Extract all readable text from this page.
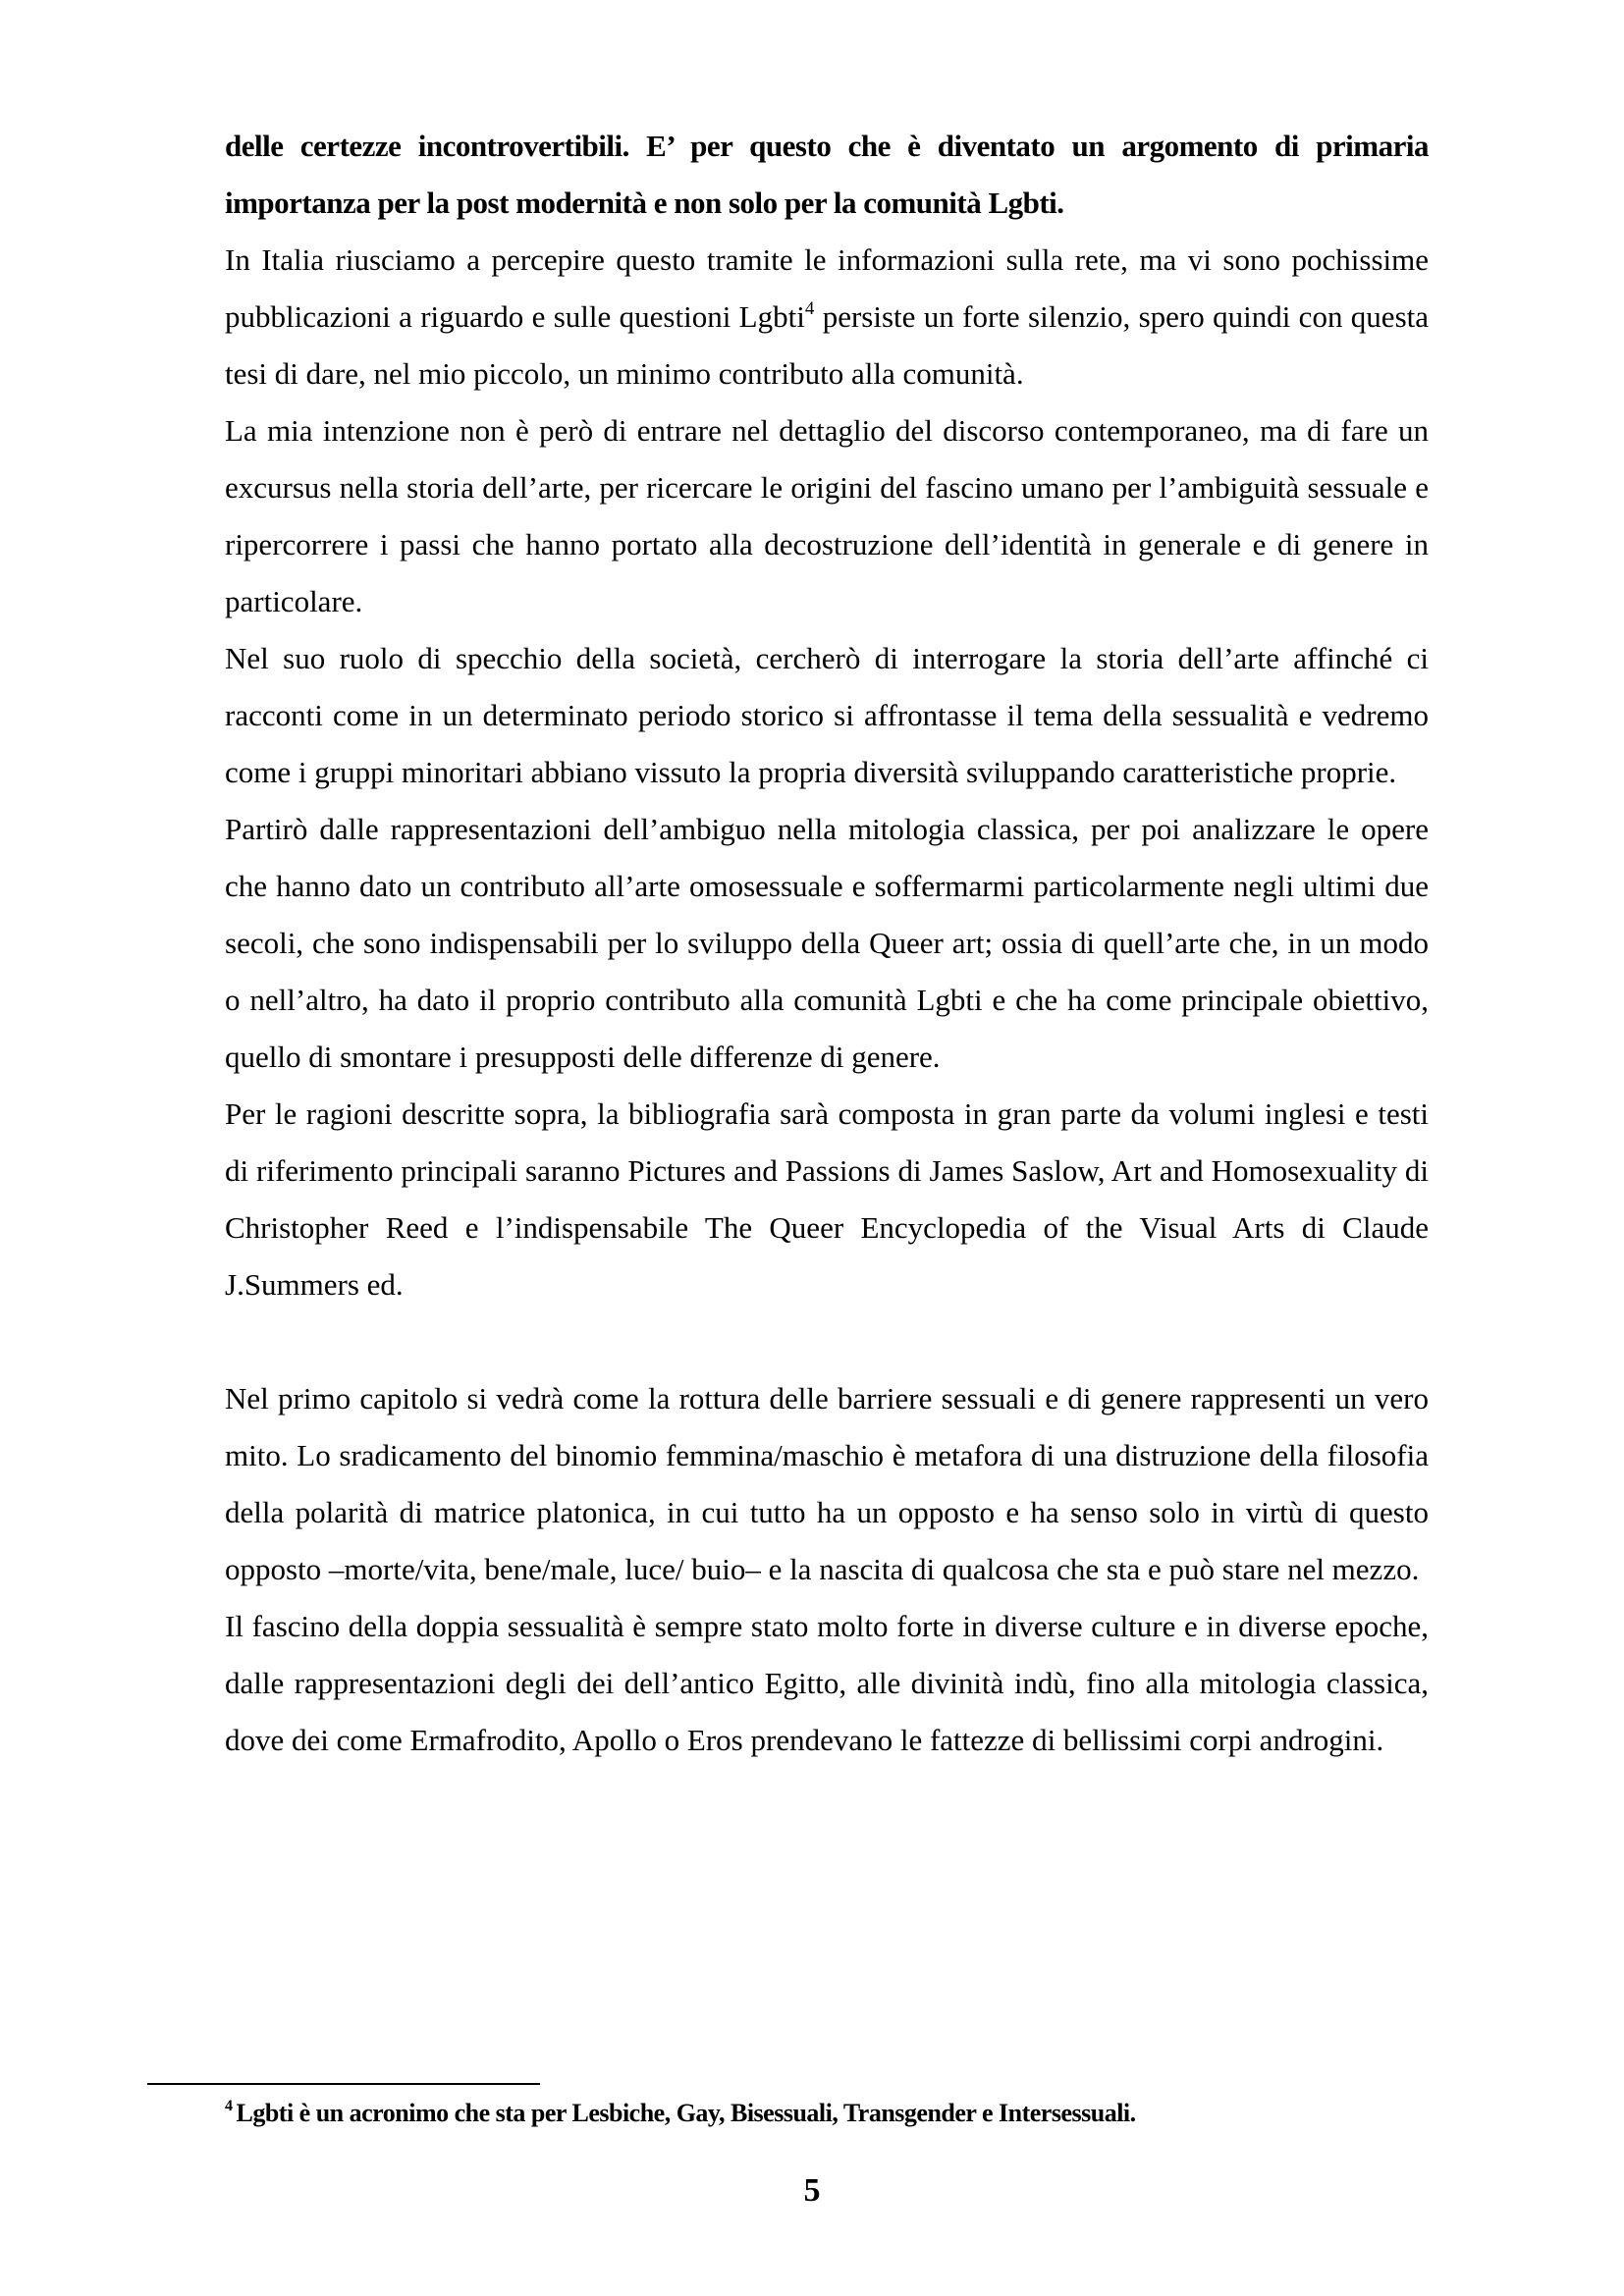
delle certezze incontrovertibili. E’ per questo che è diventato un argomento di primaria importanza per la post modernità e non solo per la comunità Lgbti.

In Italia riusciamo a percepire questo tramite le informazioni sulla rete, ma vi sono pochissime pubblicazioni a riguardo e sulle questioni Lgbti$^4$ persiste un forte silenzio, spero quindi con questa tesi di dare, nel mio piccolo, un minimo contributo alla comunità.

La mia intenzione non è però di entrare nel dettaglio del discorso contemporaneo, ma di fare un excursus nella storia dell’arte, per ricercare le origini del fascino umano per l’ambiguità sessuale e ripercorrere i passi che hanno portato alla decostruzione dell’identità in generale e di genere in particolare.

Nel suo ruolo di specchio della società, cercherò di interrogare la storia dell’arte affinché ci racconti come in un determinato periodo storico si affrontasse il tema della sessualità e vedremo come i gruppi minoritari abbiano vissuto la propria diversità sviluppando caratteristiche proprie.

Partirò dalle rappresentazioni dell’ambiguo nella mitologia classica, per poi analizzare le opere che hanno dato un contributo all’arte omosessuale e soffermarmi particolarmente negli ultimi due secoli, che sono indispensabili per lo sviluppo della Queer art; ossia di quell’arte che, in un modo o nell’altro, ha dato il proprio contributo alla comunità Lgbti e che ha come principale obiettivo, quello di smontare i presupposti delle differenze di genere.

Per le ragioni descritte sopra, la bibliografia sarà composta in gran parte da volumi inglesi e testi di riferimento principali saranno Pictures and Passions di James Saslow, Art and Homosexuality di Christopher Reed e l’indispensabile The Queer Encyclopedia of the Visual Arts di Claude J.Summers ed.

Nel primo capitolo si vedrà come la rottura delle barriere sessuali e di genere rappresenti un vero mito. Lo sradicamento del binomio femmina/maschio è metafora di una distruzione della filosofia della polarità di matrice platonica, in cui tutto ha un opposto e ha senso solo in virtù di questo opposto –morte/vita, bene/male, luce/ buio– e la nascita di qualcosa che sta e può stare nel mezzo.

Il fascino della doppia sessualità è sempre stato molto forte in diverse culture e in diverse epoche, dalle rappresentazioni degli dei dell’antico Egitto, alle divinità indù, fino alla mitologia classica, dove dei come Ermafrodito, Apollo o Eros prendevano le fattezze di bellissimi corpi androgini.

$^4$ Lgbti è un acronimo che sta per Lesbiche, Gay, Bisessuali, Transgender e Intersessuali.
5
